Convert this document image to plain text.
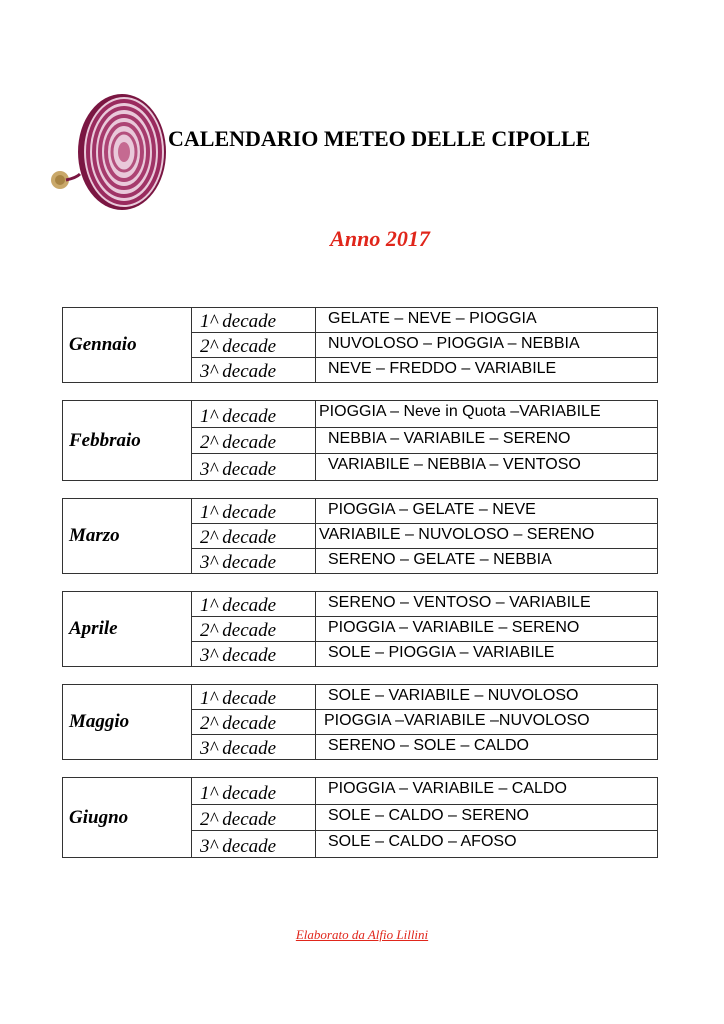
CALENDARIO METEO DELLE CIPOLLE
Anno 2017
Gennaio
1^ decade	GELATE – NEVE – PIOGGIA
2^ decade	NUVOLOSO – PIOGGIA – NEBBIA
3^ decade	NEVE – FREDDO – VARIABILE
Febbraio
1^ decade	PIOGGIA – Neve in Quota –VARIABILE
2^ decade	NEBBIA – VARIABILE – SERENO
3^ decade	VARIABILE – NEBBIA – VENTOSO
Marzo
1^ decade	PIOGGIA – GELATE – NEVE
2^ decade	VARIABILE – NUVOLOSO – SERENO
3^ decade	SERENO – GELATE – NEBBIA
Aprile
1^ decade	SERENO – VENTOSO – VARIABILE
2^ decade	PIOGGIA – VARIABILE – SERENO
3^ decade	SOLE – PIOGGIA – VARIABILE
Maggio
1^ decade	SOLE – VARIABILE – NUVOLOSO
2^ decade	PIOGGIA –VARIABILE –NUVOLOSO
3^ decade	SERENO – SOLE – CALDO
Giugno
1^ decade	PIOGGIA – VARIABILE – CALDO
2^ decade	SOLE – CALDO – SERENO
3^ decade	SOLE – CALDO – AFOSO
Elaborato da Alfio Lillini
